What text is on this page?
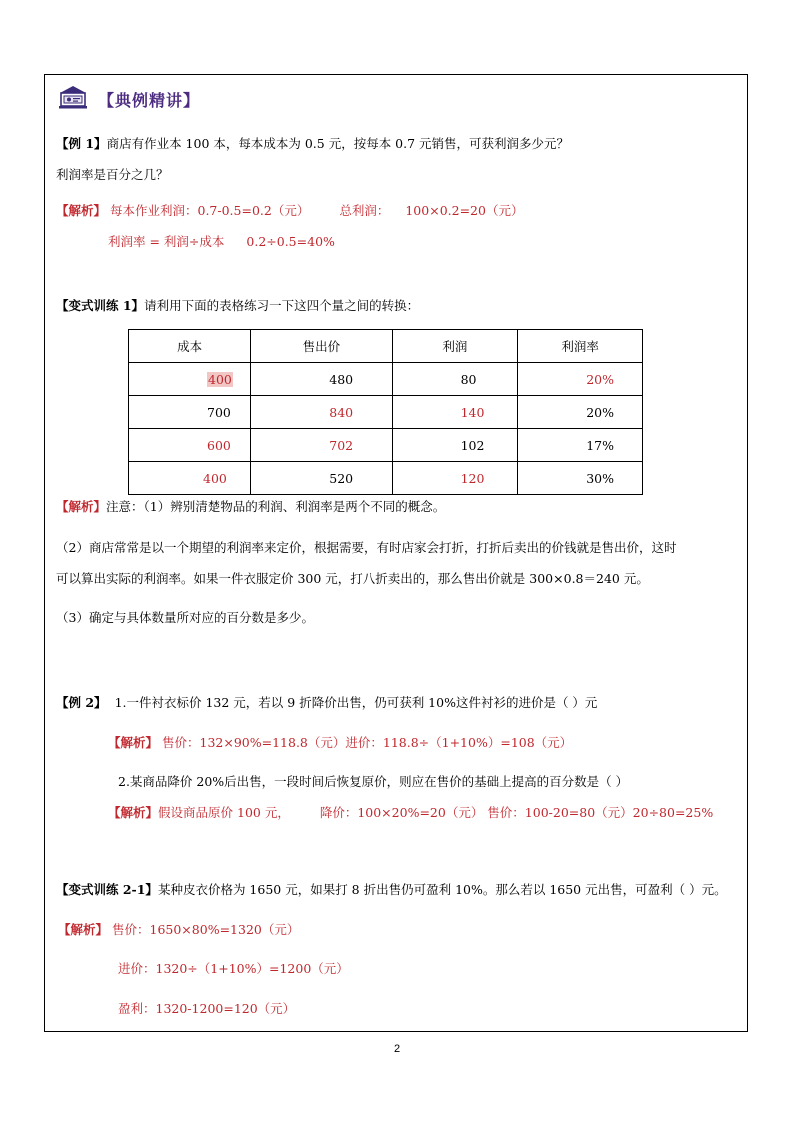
【典例精讲】
【例 1】商店有作业本 100 本，每本成本为 0.5 元，按每本 0.7 元销售，可获利润多少元？
利润率是百分之几？
【解析】 每本作业利润：0.7-0.5=0.2（元） 总利润： 100×0.2=20（元）
利润率 = 利润÷成本 0.2÷0.5=40%
【变式训练 1】请利用下面的表格练习一下这四个量之间的转换：
成本	售出价	利润	利润率
400	480	80	20%
700	840	140	20%
600	702	102	17%
400	520	120	30%
【解析】注意：（1）辨别清楚物品的利润、利润率是两个不同的概念。
（2）商店常常是以一个期望的利润率来定价，根据需要，有时店家会打折，打折后卖出的价钱就是售出价，这时
可以算出实际的利润率。如果一件衣服定价 300 元，打八折卖出的，那么售出价就是 300×0.8＝240 元。
（3）确定与具体数量所对应的百分数是多少。
【例 2】 1.一件衬衣标价 132 元，若以 9 折降价出售，仍可获利 10%这件衬衫的进价是（ ）元
【解析】 售价：132×90%=118.8（元）进价：118.8÷（1+10%）=108（元）
2.某商品降价 20%后出售，一段时间后恢复原价，则应在售价的基础上提高的百分数是（ ）
【解析】假设商品原价 100 元， 降价：100×20%=20（元） 售价：100-20=80（元）20÷80=25%
【变式训练 2-1】某种皮衣价格为 1650 元，如果打 8 折出售仍可盈利 10%。那么若以 1650 元出售，可盈利（ ）元。
【解析】 售价：1650×80%=1320（元）
进价：1320÷（1+10%）=1200（元）
盈利：1320-1200=120（元）
2
